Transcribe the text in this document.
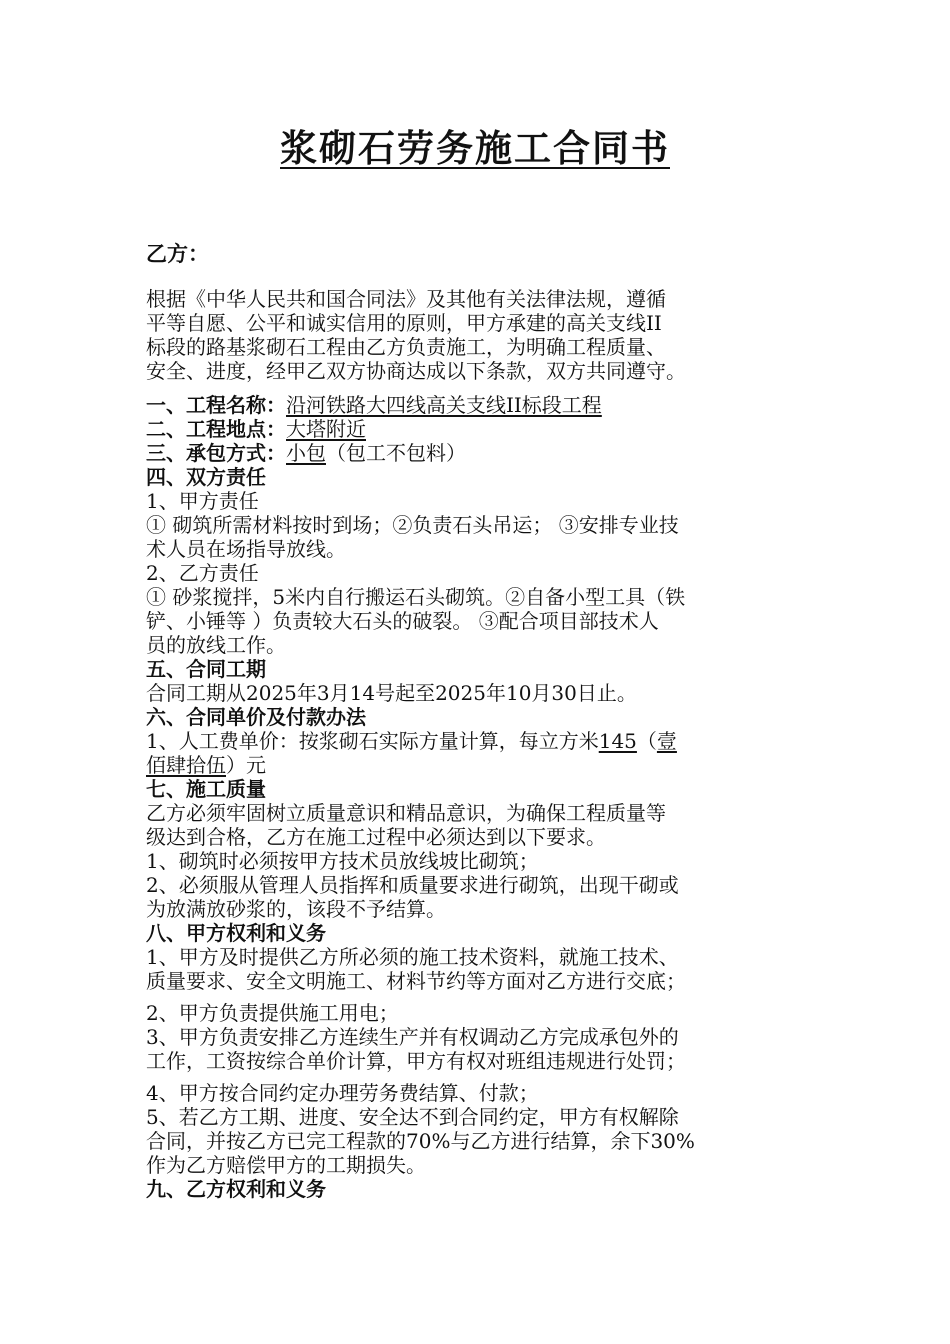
浆砌石劳务施工合同书
乙方：
根据《中华人民共和国合同法》及其他有关法律法规，遵循
平等自愿、公平和诚实信用的原则，甲方承建的高关支线II
标段的路基浆砌石工程由乙方负责施工，为明确工程质量、
安全、进度，经甲乙双方协商达成以下条款，双方共同遵守。
一、工程名称：沿河铁路大四线高关支线II标段工程
二、工程地点：大塔附近
三、承包方式：小包（包工不包料）
四、双方责任
1、甲方责任
① 砌筑所需材料按时到场；②负责石头吊运； ③安排专业技
术人员在场指导放线。
2、乙方责任
① 砂浆搅拌，5米内自行搬运石头砌筑。②自备小型工具（铁
铲、小锤等 ）负责较大石头的破裂。 ③配合项目部技术人
员的放线工作。
五、合同工期
合同工期从2025年3月14号起至2025年10月30日止。
六、合同单价及付款办法
1、人工费单价：按浆砌石实际方量计算，每立方米145（壹
佰肆拾伍）元
七、施工质量
乙方必须牢固树立质量意识和精品意识，为确保工程质量等
级达到合格，乙方在施工过程中必须达到以下要求。
1、砌筑时必须按甲方技术员放线坡比砌筑；
2、必须服从管理人员指挥和质量要求进行砌筑，出现干砌或
为放满放砂浆的，该段不予结算。
八、甲方权利和义务
1、甲方及时提供乙方所必须的施工技术资料，就施工技术、
质量要求、安全文明施工、材料节约等方面对乙方进行交底；
2、甲方负责提供施工用电；
3、甲方负责安排乙方连续生产并有权调动乙方完成承包外的
工作，工资按综合单价计算，甲方有权对班组违规进行处罚；
4、甲方按合同约定办理劳务费结算、付款；
5、若乙方工期、进度、安全达不到合同约定，甲方有权解除
合同，并按乙方已完工程款的70%与乙方进行结算，余下30%
作为乙方赔偿甲方的工期损失。
九、乙方权利和义务
